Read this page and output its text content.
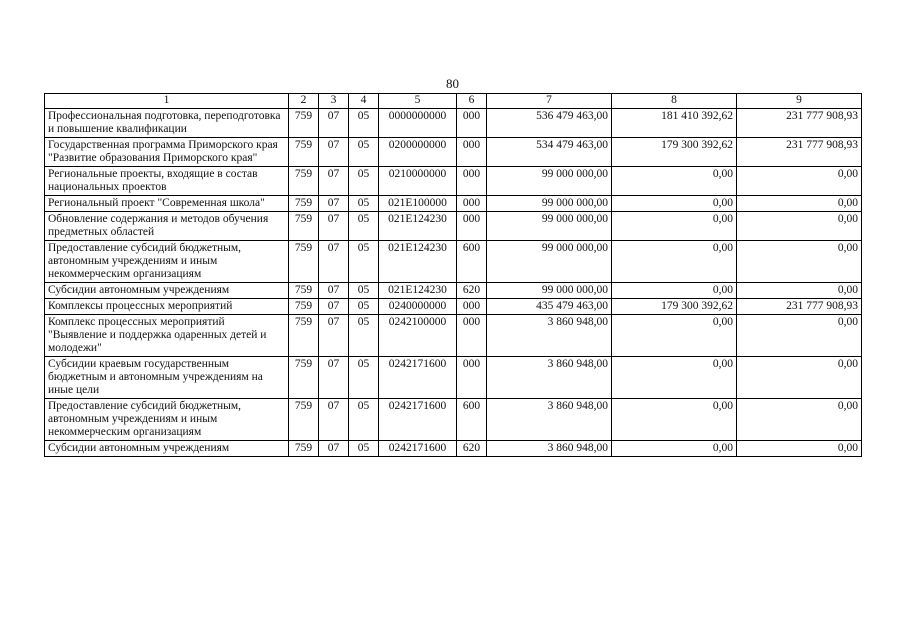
80
1	2	3	4	5	6	7	8	9
Профессиональная подготовка, переподготовка и повышение квалификации	759	07	05	0000000000	000	536 479 463,00	181 410 392,62	231 777 908,93
Государственная программа Приморского края "Развитие образования Приморского края"	759	07	05	0200000000	000	534 479 463,00	179 300 392,62	231 777 908,93
Региональные проекты, входящие в состав национальных проектов	759	07	05	0210000000	000	99 000 000,00	0,00	0,00
Региональный проект "Современная школа"	759	07	05	021Е100000	000	99 000 000,00	0,00	0,00
Обновление содержания и методов обучения предметных областей	759	07	05	021Е124230	000	99 000 000,00	0,00	0,00
Предоставление субсидий бюджетным, автономным учреждениям и иным некоммерческим организациям	759	07	05	021Е124230	600	99 000 000,00	0,00	0,00
Субсидии автономным учреждениям	759	07	05	021Е124230	620	99 000 000,00	0,00	0,00
Комплексы процессных мероприятий	759	07	05	0240000000	000	435 479 463,00	179 300 392,62	231 777 908,93
Комплекс процессных мероприятий "Выявление и поддержка одаренных детей и молодежи"	759	07	05	0242100000	000	3 860 948,00	0,00	0,00
Субсидии краевым государственным бюджетным и автономным учреждениям на иные цели	759	07	05	0242171600	000	3 860 948,00	0,00	0,00
Предоставление субсидий бюджетным, автономным учреждениям и иным некоммерческим организациям	759	07	05	0242171600	600	3 860 948,00	0,00	0,00
Субсидии автономным учреждениям	759	07	05	0242171600	620	3 860 948,00	0,00	0,00
